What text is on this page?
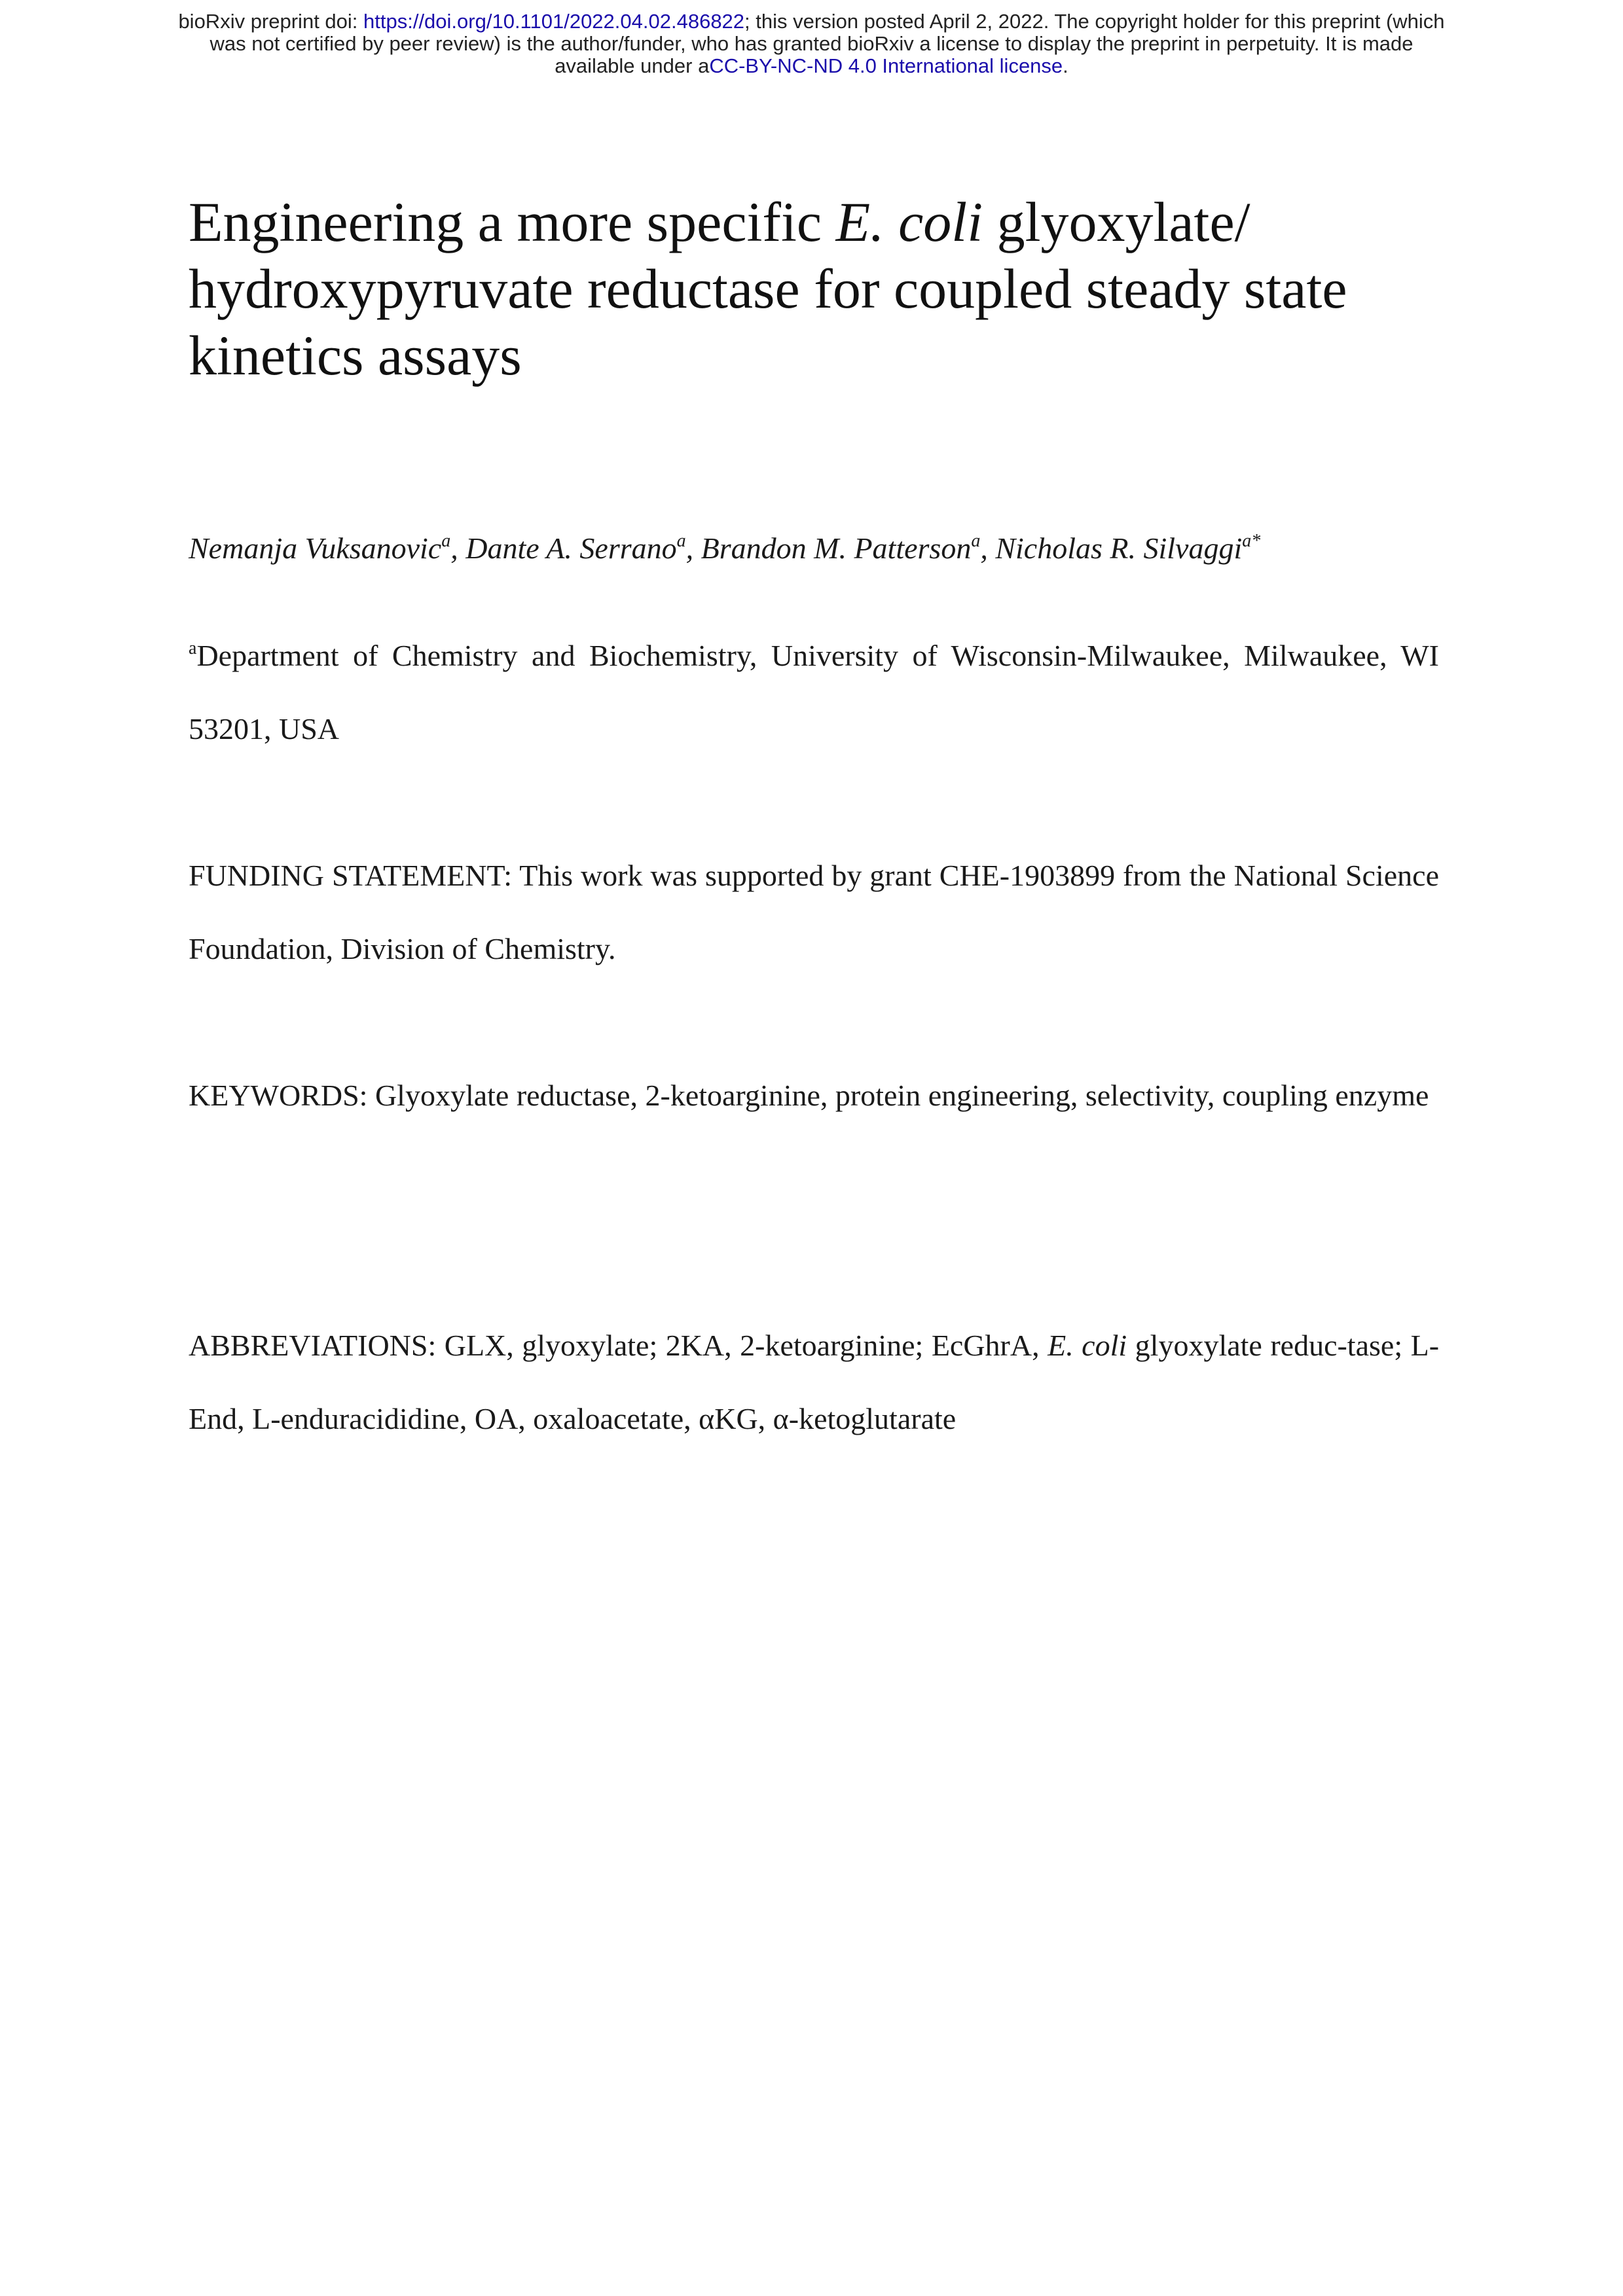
bioRxiv preprint doi: https://doi.org/10.1101/2022.04.02.486822; this version posted April 2, 2022. The copyright holder for this preprint (which
was not certified by peer review) is the author/funder, who has granted bioRxiv a license to display the preprint in perpetuity. It is made
available under aCC-BY-NC-ND 4.0 International license.
Engineering a more specific E. coli glyoxylate/ hydroxypyruvate reductase for coupled steady state kinetics assays
Nemanja Vuksanovic$^a$, Dante A. Serrano$^a$, Brandon M. Patterson$^a$, Nicholas R. Silvaggi$^{a*}$
$^a$Department of Chemistry and Biochemistry, University of Wisconsin-Milwaukee, Milwaukee, WI 53201, USA
FUNDING STATEMENT: This work was supported by grant CHE-1903899 from the National Science Foundation, Division of Chemistry.
KEYWORDS: Glyoxylate reductase, 2-ketoarginine, protein engineering, selectivity, coupling enzyme
ABBREVIATIONS: GLX, glyoxylate; 2KA, 2-ketoarginine; EcGhrA, E. coli glyoxylate reduc-tase; L-End, L-enduracididine, OA, oxaloacetate, αKG, α-ketoglutarate
